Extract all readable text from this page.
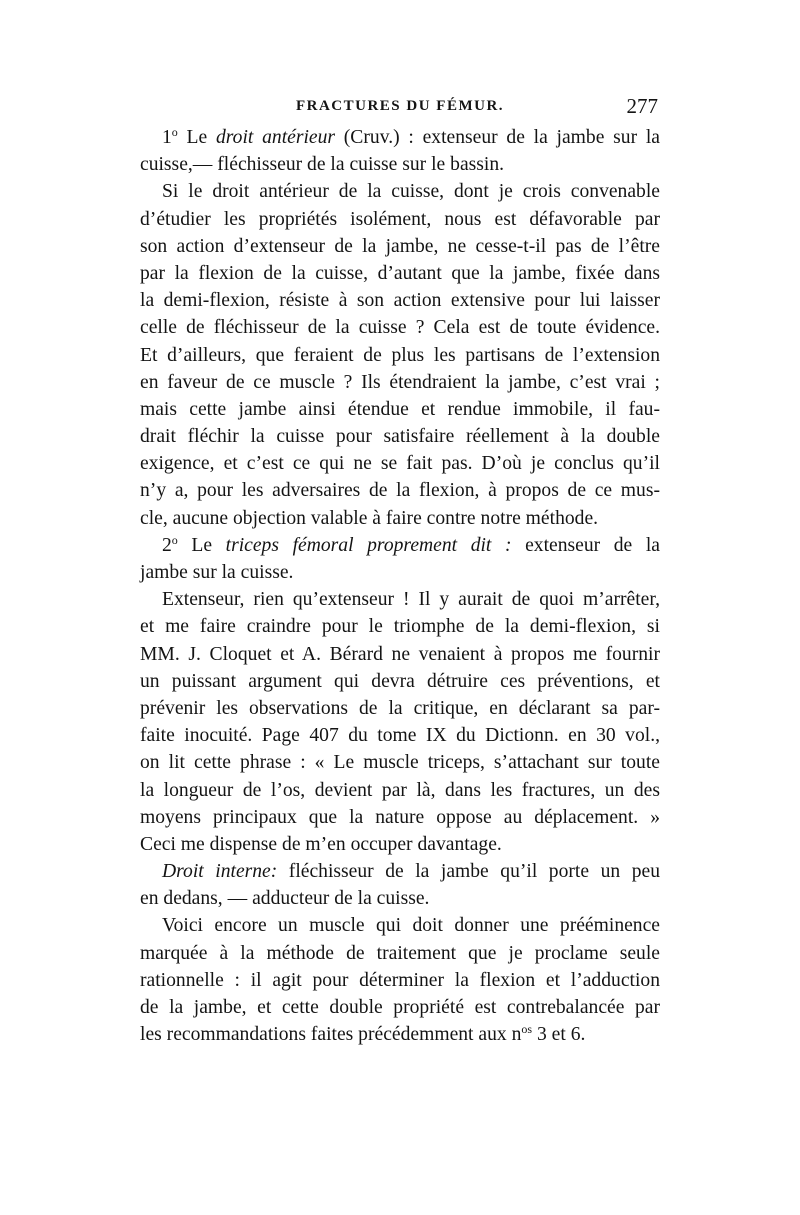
FRACTURES DU FÉMUR.	277
1$^o$ Le droit antérieur (Cruv.) : extenseur de la jambe sur la
cuisse,— fléchisseur de la cuisse sur le bassin.
Si le droit antérieur de la cuisse, dont je crois convenable
d’étudier les propriétés isolément, nous est défavorable par
son action d’extenseur de la jambe, ne cesse-t-il pas de l’être
par la flexion de la cuisse, d’autant que la jambe, fixée dans
la demi-flexion, résiste à son action extensive pour lui laisser
celle de fléchisseur de la cuisse ? Cela est de toute évidence.
Et d’ailleurs, que feraient de plus les partisans de l’extension
en faveur de ce muscle ? Ils étendraient la jambe, c’est vrai ;
mais cette jambe ainsi étendue et rendue immobile, il fau-
drait fléchir la cuisse pour satisfaire réellement à la double
exigence, et c’est ce qui ne se fait pas. D’où je conclus qu’il
n’y a, pour les adversaires de la flexion, à propos de ce mus-
cle, aucune objection valable à faire contre notre méthode.
2$^o$ Le triceps fémoral proprement dit : extenseur de la
jambe sur la cuisse.
Extenseur, rien qu’extenseur ! Il y aurait de quoi m’arrêter,
et me faire craindre pour le triomphe de la demi-flexion, si
MM. J. Cloquet et A. Bérard ne venaient à propos me fournir
un puissant argument qui devra détruire ces préventions, et
prévenir les observations de la critique, en déclarant sa par-
faite inocuité. Page 407 du tome IX du Dictionn. en 30 vol.,
on lit cette phrase : « Le muscle triceps, s’attachant sur toute
la longueur de l’os, devient par là, dans les fractures, un des
moyens principaux que la nature oppose au déplacement. »
Ceci me dispense de m’en occuper davantage.
Droit interne: fléchisseur de la jambe qu’il porte un peu
en dedans, — adducteur de la cuisse.
Voici encore un muscle qui doit donner une prééminence
marquée à la méthode de traitement que je proclame seule
rationnelle : il agit pour déterminer la flexion et l’adduction
de la jambe, et cette double propriété est contrebalancée par
les recommandations faites précédemment aux $n^{os}$ 3 et 6.
